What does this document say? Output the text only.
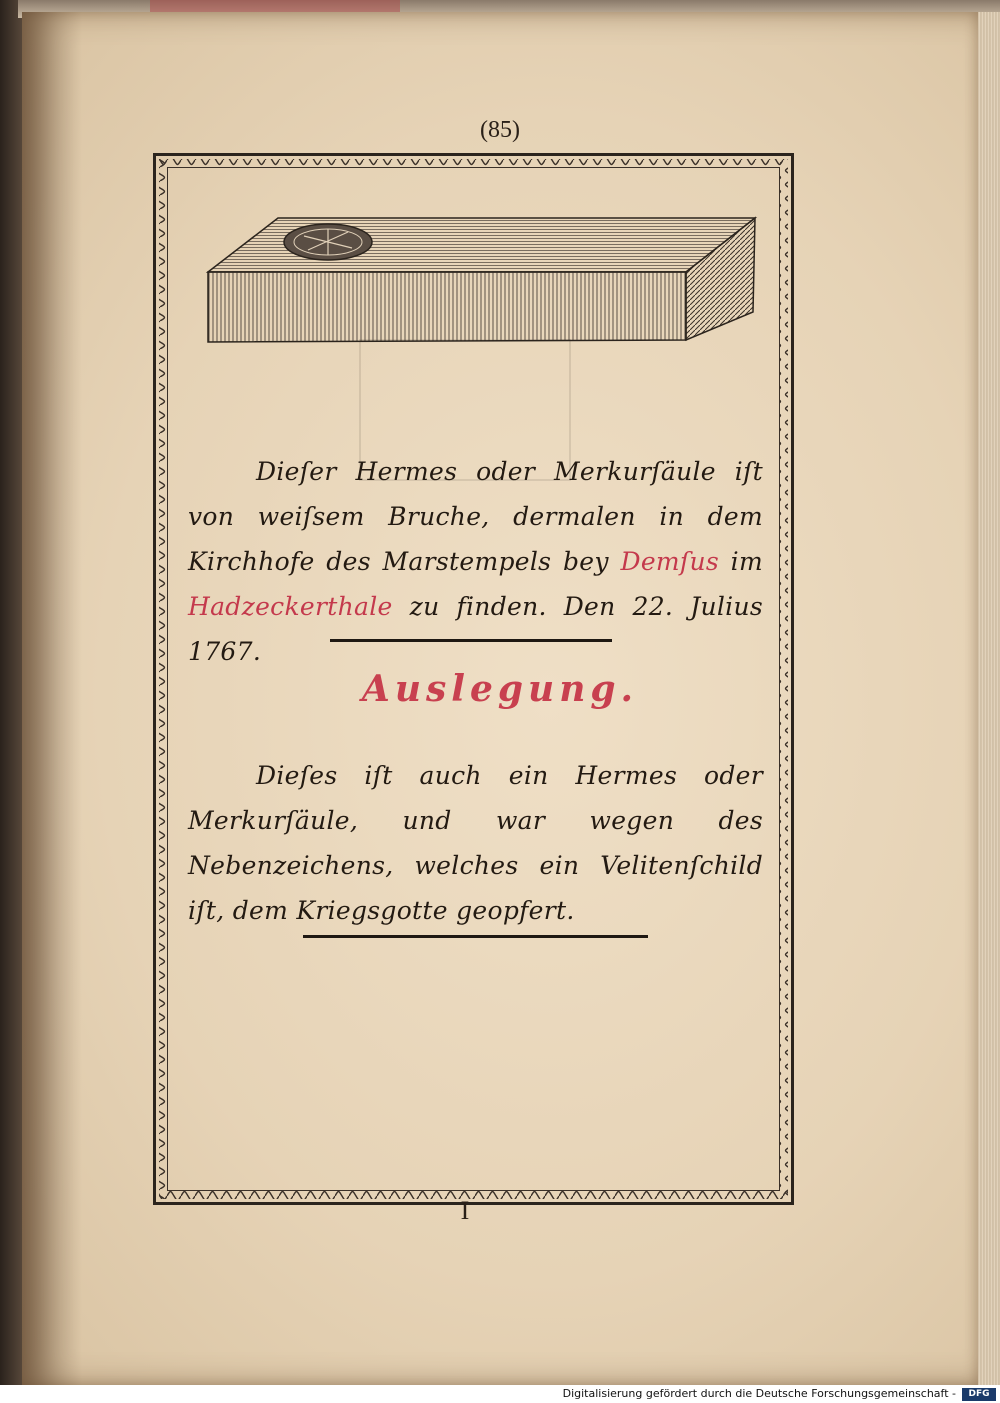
(85)
Dieſer Hermes oder Merkurſäule iſt von weiſsem Bruche, dermalen in dem Kirchhofe des Marstempels bey Demſus im Hadzeckerthale zu finden. Den 22. Julius 1767.
Auslegung.
Dieſes iſt auch ein Hermes oder Merkurſäule, und war wegen des Nebenzeichens, welches ein Velitenſchild iſt, dem Kriegsgotte geopfert.
I
Digitalisierung gefördert durch die Deutsche Forschungsgemeinschaft -	DFG
